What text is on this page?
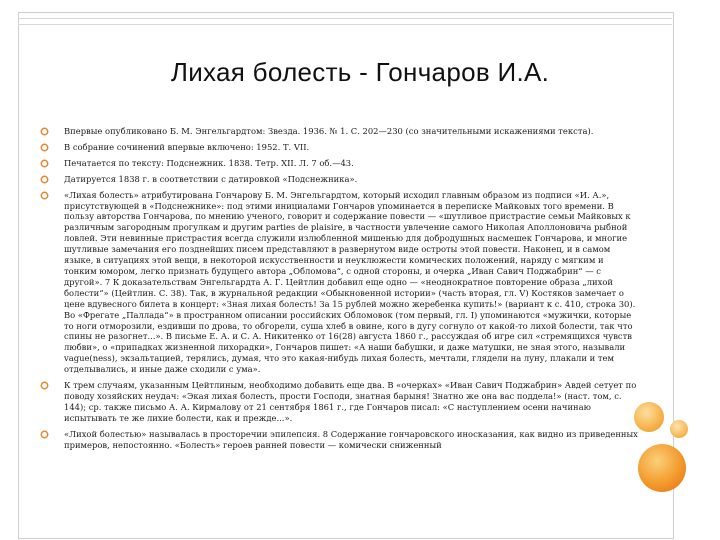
Лихая болесть - Гончаров И.А.
Впервые опубликовано Б. М. Энгельгардтом: Звезда. 1936. № 1. С. 202—230 (со значительными искажениями текста).
В собрание сочинений впервые включено: 1952. Т. VII.
Печатается по тексту: Подснежник. 1838. Тетр. XII. Л. 7 об.—43.
Датируется 1838 г. в соответствии с датировкой «Подснежника».
«Лихая болесть» атрибутирована Гончарову Б. М. Энгельгардтом, который исходил главным образом из подписи «И. А.», присутствующей в «Подснежнике»: под этими инициалами Гончаров упоминается в переписке Майковых того времени. В пользу авторства Гончарова, по мнению ученого, говорит и содержание повести — «шутливое пристрастие семьи Майковых к различным загородным прогулкам и другим parties de plaisire, в частности увлечение самого Николая Аполлоновича рыбной ловлей. Эти невинные пристрастия всегда служили излюбленной мишенью для добродушных насмешек Гончарова, и многие шутливые замечания его позднейших писем представляют в развернутом виде остроты этой повести. Наконец, и в самом языке, в ситуациях этой вещи, в некоторой искусственности и неуклюжести комических положений, наряду с мягким и тонким юмором, легко признать будущего автора „Обломова“, с одной стороны, и очерка „Иван Савич Поджабрин“ — с другой». 7 К доказательствам Энгельгардта А. Г. Цейтлин добавил еще одно — «неоднократное повторение образа „лихой болести“» (Цейтлин. С. 38). Так, в журнальной редакции «Обыкновенной истории» (часть вторая, гл. V) Костяков замечает о цене вдувесного билета в концерт: «Зная лихая болесть! За 15 рублей можно жеребенка купить!» (вариант к с. 410, строка 30). Во «Фрегате „Паллада“» в пространном описании российских Обломовок (том первый, гл. I) упоминаются «мужички, которые то ноги отморозили, ездивши по дрова, то обгорели, сушa хлеб в овине, кого в дугу согнуло от какой-то лихой болести, так что спины не разогнет...». В письме Е. А. и С. А. Никитенко от 16(28) августа 1860 г., рассуждая об игре сил «стремящихся чувств любви», о «припадках жизненной лихорадки», Гончаров пишет: «А наши бабушки, и даже матушки, не зная этого, называли vague(ness), экзальтацией, терялись, думая, что это какая-нибудь лихая болесть, мечтали, глядели на луну, плакали и тем отделывались, и иные даже сходили с ума».
К трем случаям, указанным Цейтлиным, необходимо добавить еще два. В «очерках» «Иван Савич Поджабрин» Авдей сетует по поводу хозяйских неудач: «Экая лихая болесть, прости Господи, знатная барыня! Знатно же она вас поддела!» (наст. том, с. 144); ср. также письмо А. А. Кирмалову от 21 сентября 1861 г., где Гончаров писал: «С наступлением осени начинаю испытывать те же лихие болести, как и прежде...».
«Лихой болестью» называлась в просторечии эпилепсия. 8 Содержание гончаровского иносказания, как видно из приведенных примеров, непостоянно. «Болесть» героев ранней повести — комически сниженный
